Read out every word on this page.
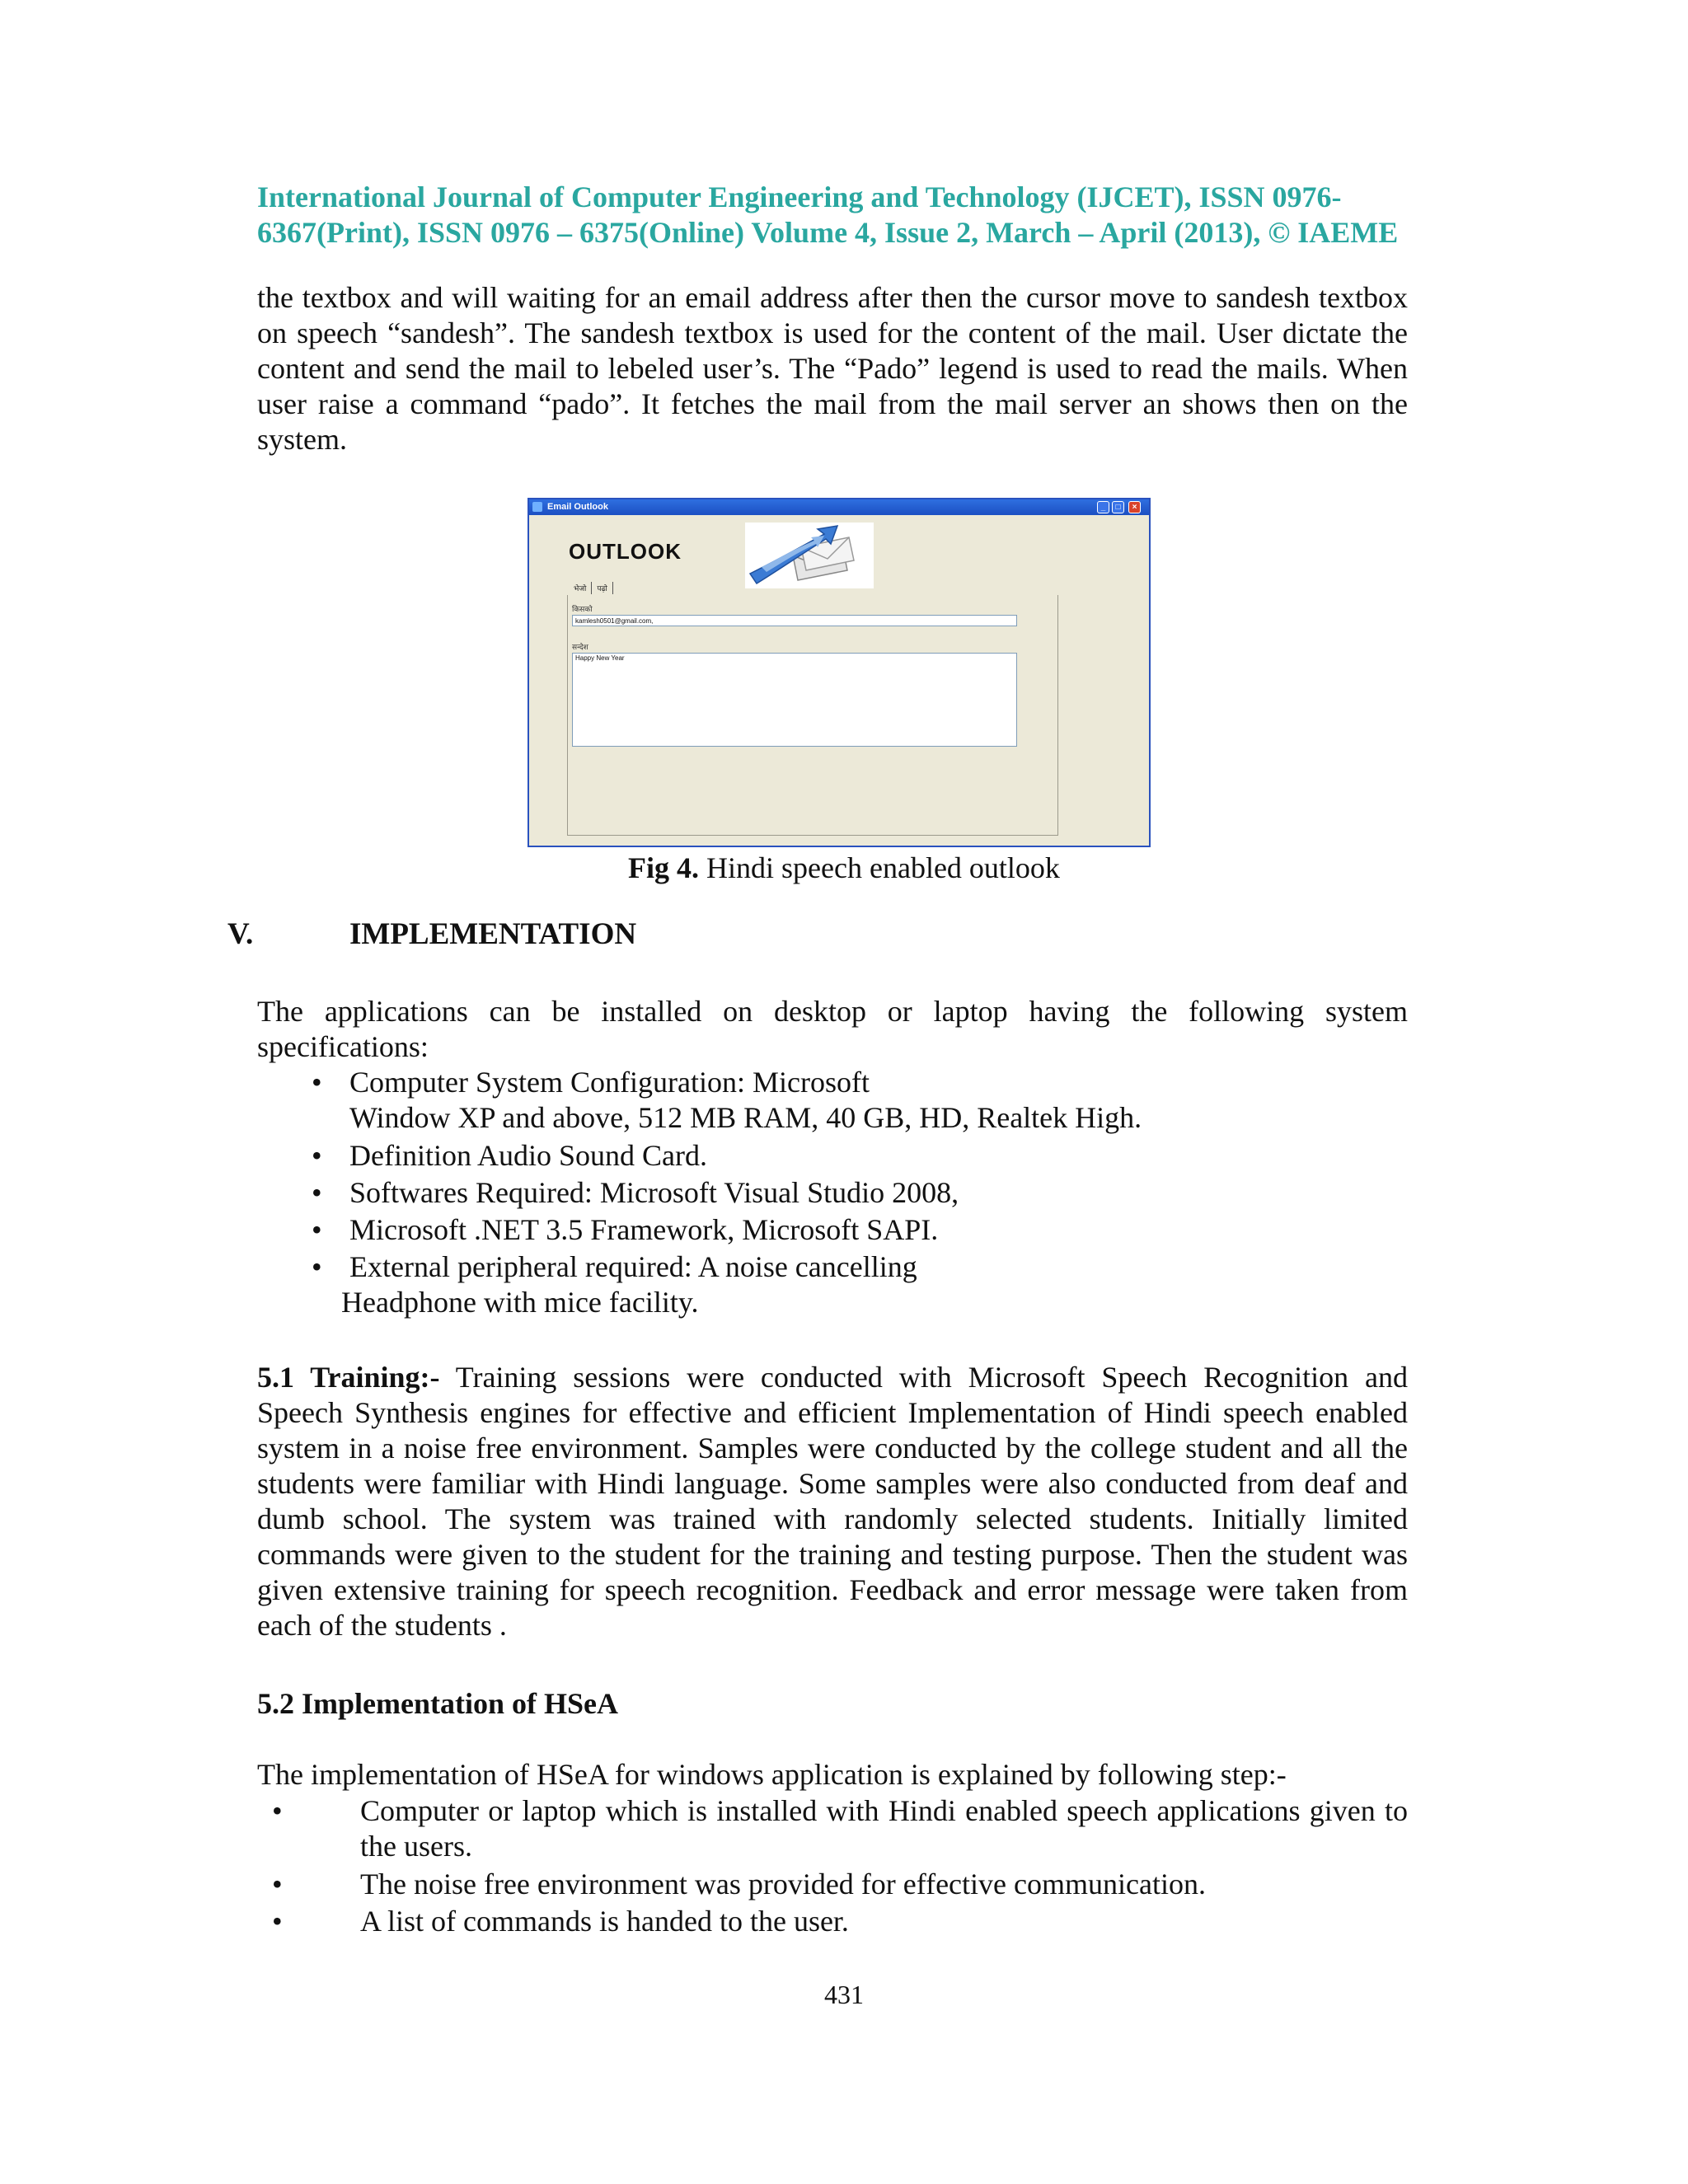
International Journal of Computer Engineering and Technology (IJCET), ISSN 0976-
6367(Print), ISSN 0976 – 6375(Online) Volume 4, Issue 2, March – April (2013), © IAEME
the textbox and will waiting for an email address after then the cursor move to sandesh textbox on speech “sandesh”. The sandesh textbox is used for the content of the mail. User dictate the content and send the mail to lebeled user’s. The “Pado” legend is used to read the mails. When user raise a command “pado”. It fetches the mail from the mail server an shows then on the system.
Email Outlook	_	□	×
OUTLOOK
भेजो पढ़ो
किसको
kamlesh0501@gmail.com,
सन्देश
Happy New Year
Fig 4. Hindi speech enabled outlook
V.	IMPLEMENTATION
The applications can be installed on desktop or laptop having the following system specifications:
• Computer System Configuration: Microsoft
Window XP and above, 512 MB RAM, 40 GB, HD, Realtek High.
• Definition Audio Sound Card.
• Softwares Required: Microsoft Visual Studio 2008,
• Microsoft .NET 3.5 Framework, Microsoft SAPI.
• External peripheral required: A noise cancelling
Headphone with mice facility.
5.1 Training:- Training sessions were conducted with Microsoft Speech Recognition and Speech Synthesis engines for effective and efficient Implementation of Hindi speech enabled system in a noise free environment. Samples were conducted by the college student and all the students were familiar with Hindi language. Some samples were also conducted from deaf and dumb school. The system was trained with randomly selected students. Initially limited commands were given to the student for the training and testing purpose. Then the student was given extensive training for speech recognition. Feedback and error message were taken from each of the students .
5.2 Implementation of HSeA
The implementation of HSeA for windows application is explained by following step:-
•	Computer or laptop which is installed with Hindi enabled speech applications given to the users.
•	The noise free environment was provided for effective communication.
•	A list of commands is handed to the user.
431
